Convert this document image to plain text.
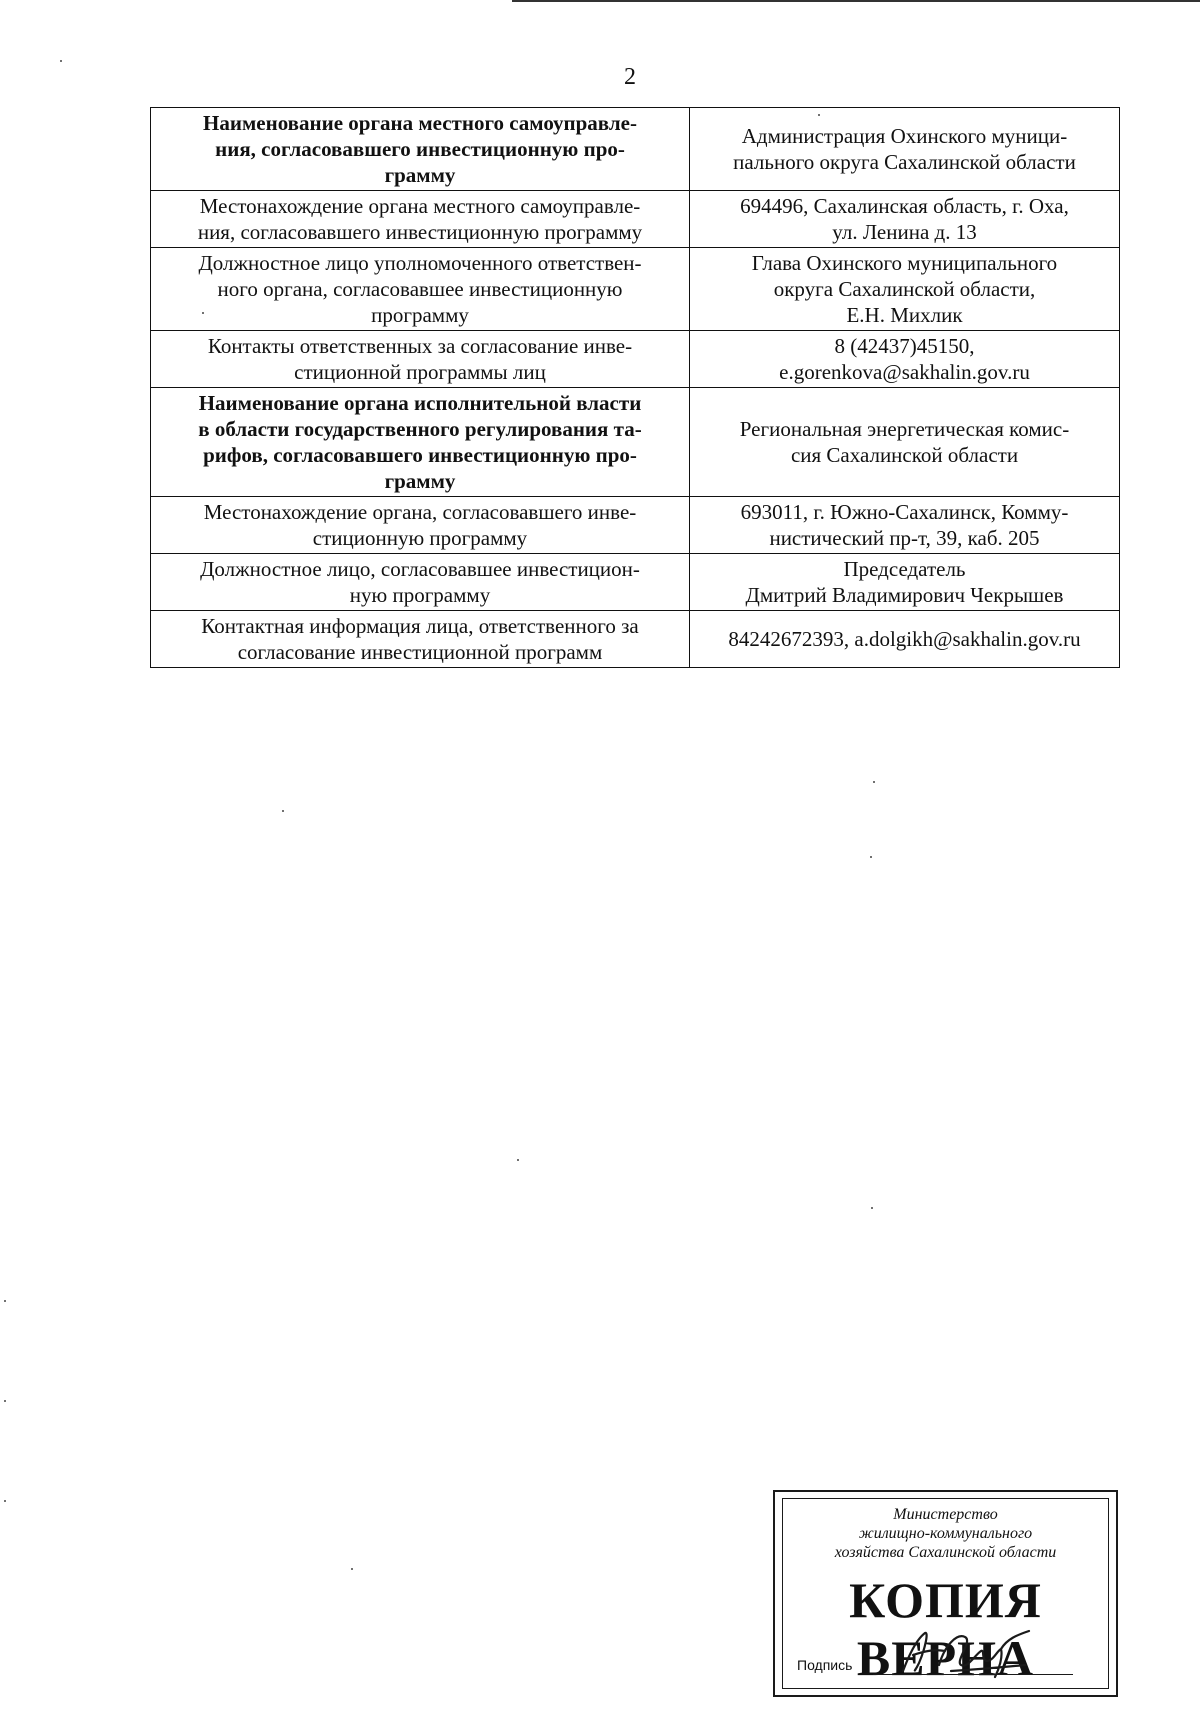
2
Наименование органа местного самоуправле-
ния, согласовавшего инвестиционную про-
грамму	Администрация Охинского муници-
пального округа Сахалинской области

Местонахождение органа местного самоуправле-
ния, согласовавшего инвестиционную программу	694496, Сахалинская область, г. Оха,
ул. Ленина д. 13

Должностное лицо уполномоченного ответствен-
ного органа, согласовавшее инвестиционную
программу	Глава Охинского муниципального
округа Сахалинской области,
Е.Н. Михлик

Контакты ответственных за согласование инве-
стиционной программы лиц	8 (42437)45150,
e.gorenkova@sakhalin.gov.ru

Наименование органа исполнительной власти
в области государственного регулирования та-
рифов, согласовавшего инвестиционную про-
грамму	Региональная энергетическая комис-
сия Сахалинской области

Местонахождение органа, согласовавшего инве-
стиционную программу	693011, г. Южно-Сахалинск, Комму-
нистический пр-т, 39, каб. 205

Должностное лицо, согласовавшее инвестицион-
ную программу	Председатель
Дмитрий Владимирович Чекрышев

Контактная информация лица, ответственного за
согласование инвестиционной программ	84242672393, a.dolgikh@sakhalin.gov.ru
Министерство
жилищно-коммунального
хозяйства Сахалинской области
КОПИЯ ВЕРНА
Подпись
